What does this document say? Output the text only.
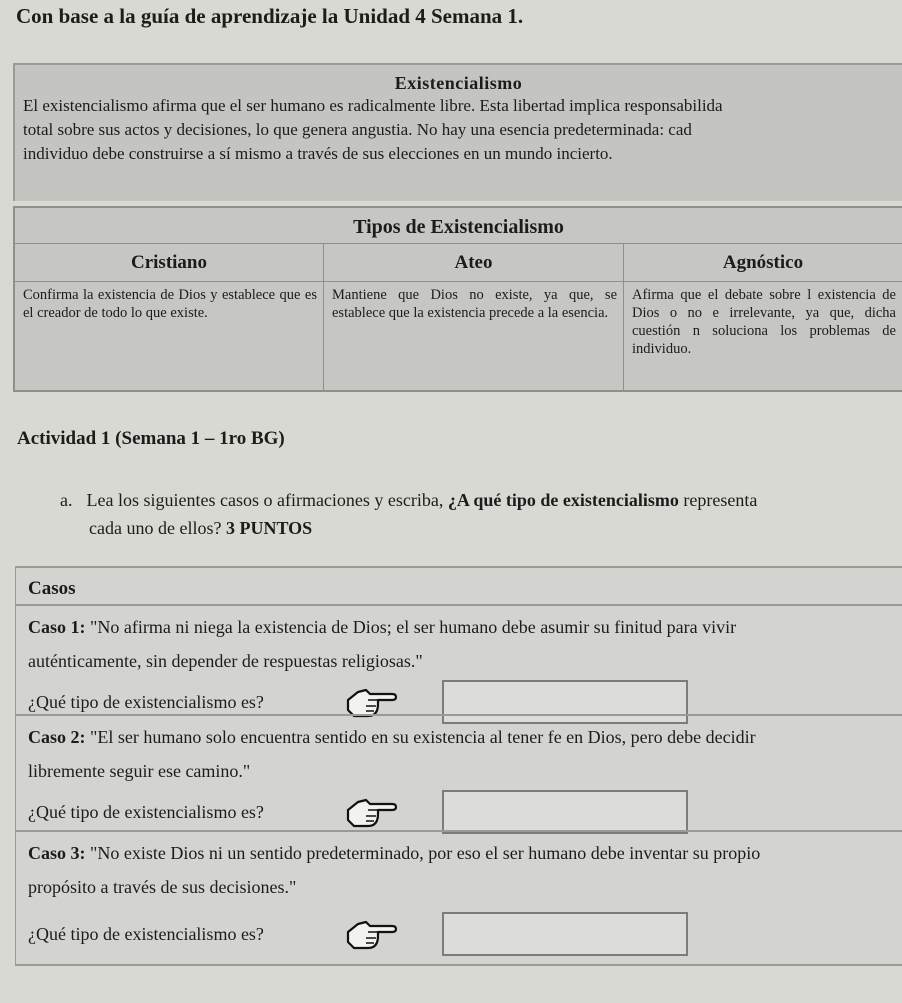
Con base a la guía de aprendizaje la Unidad 4 Semana 1.
Existencialismo
El existencialismo afirma que el ser humano es radicalmente libre. Esta libertad implica responsabilida
total sobre sus actos y decisiones, lo que genera angustia. No hay una esencia predeterminada: cad
individuo debe construirse a sí mismo a través de sus elecciones en un mundo incierto.
Tipos de Existencialismo
Cristiano
Confirma la existencia de Dios y establece que es el creador de todo lo que existe.
Ateo
Mantiene que Dios no existe, ya que, se establece que la existencia precede a la esencia.
Agnóstico
Afirma que el debate sobre l existencia de Dios o no e irrelevante, ya que, dicha cuestión n soluciona los problemas de individuo.
Actividad 1 (Semana 1 – 1ro BG)
a. Lea los siguientes casos o afirmaciones y escriba, ¿A qué tipo de existencialismo representa
cada uno de ellos? 3 PUNTOS
Casos
Caso 1: "No afirma ni niega la existencia de Dios; el ser humano debe asumir su finitud para vivir
auténticamente, sin depender de respuestas religiosas."
¿Qué tipo de existencialismo es?
Caso 2: "El ser humano solo encuentra sentido en su existencia al tener fe en Dios, pero debe decidir
libremente seguir ese camino."
¿Qué tipo de existencialismo es?
Caso 3: "No existe Dios ni un sentido predeterminado, por eso el ser humano debe inventar su propio
propósito a través de sus decisiones."
¿Qué tipo de existencialismo es?
